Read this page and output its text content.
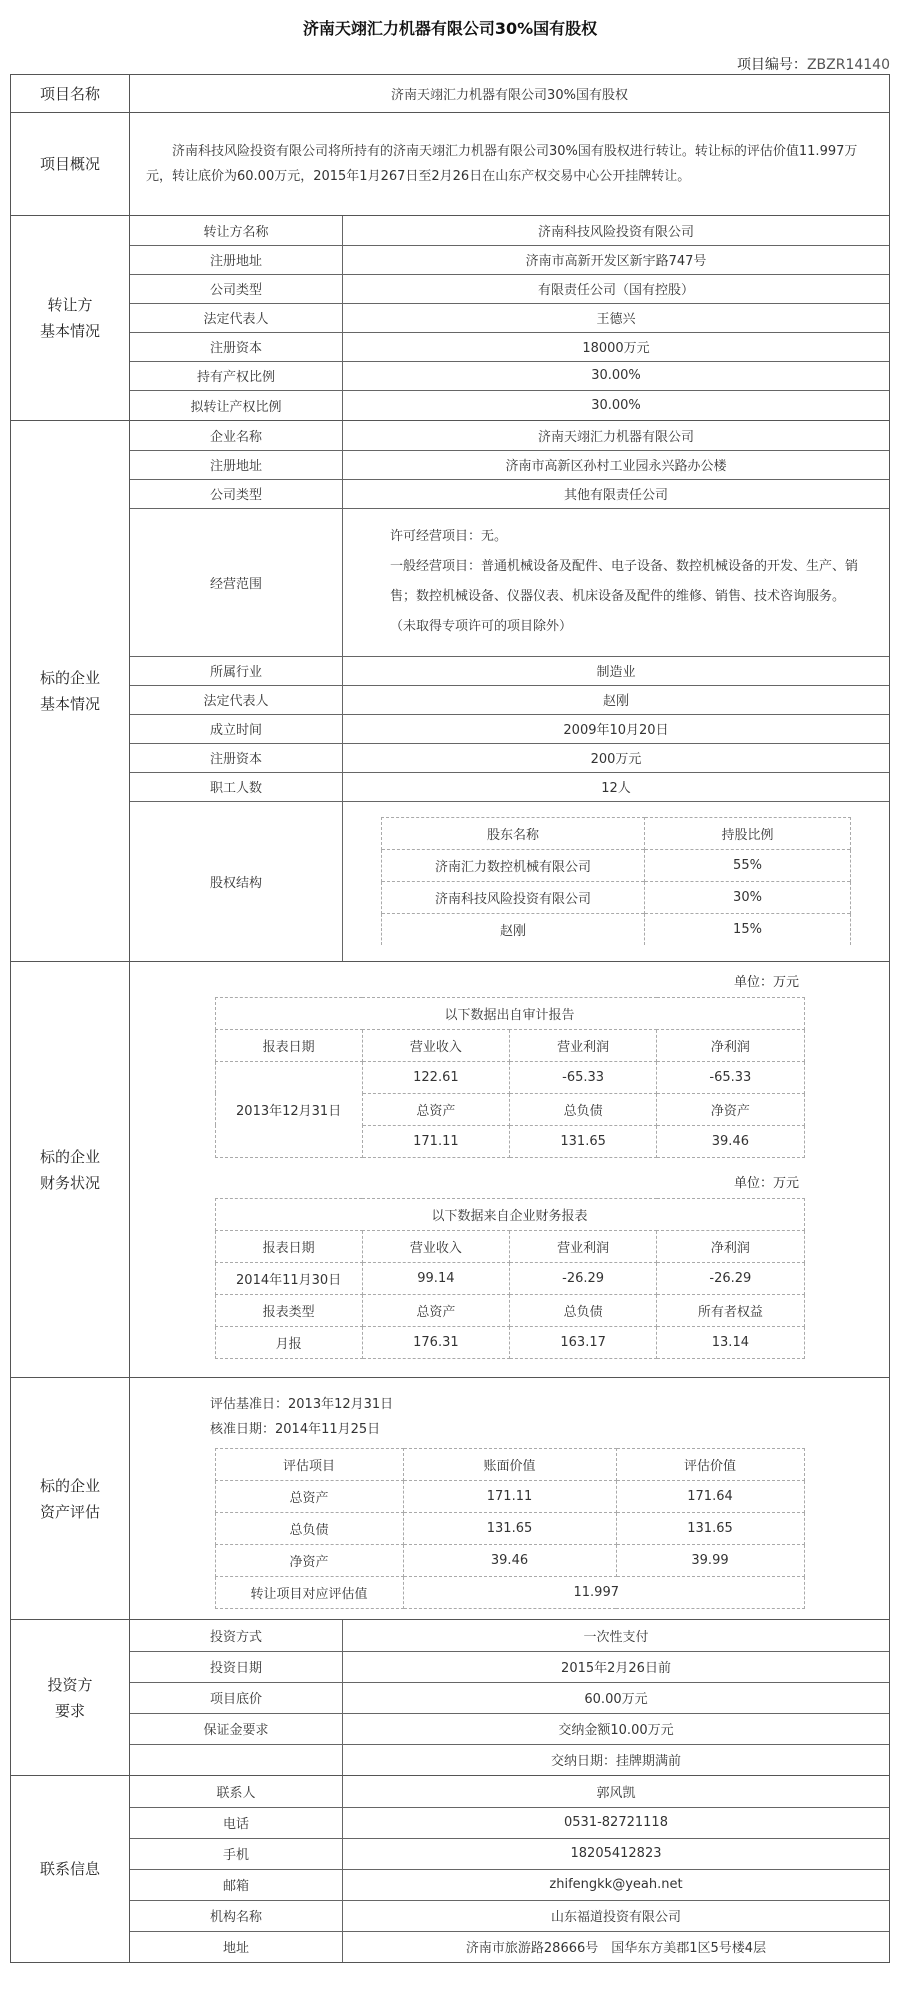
济南天翊汇力机器有限公司30%国有股权
项目编号：ZBZR14140
项目名称	济南天翊汇力机器有限公司30%国有股权
项目概况	
济南科技风险投资有限公司将所持有的济南天翊汇力机器有限公司30%国有股权进行转让。转让标的评估价值11.997万元，转让底价为60.00万元，2015年1月267日至2月26日在山东产权交易中心公开挂牌转让。

转让方
基本情况

转让方名称	济南科技风险投资有限公司
注册地址	济南市高新开发区新宇路747号
公司类型	有限责任公司（国有控股）
法定代表人	王德兴
注册资本	18000万元
持有产权比例	30.00%
拟转让产权比例	30.00%

标的企业
基本情况

企业名称	济南天翊汇力机器有限公司
注册地址	济南市高新区孙村工业园永兴路办公楼
公司类型	其他有限责任公司
经营范围	
许可经营项目：无。
一般经营项目：普通机械设备及配件、电子设备、数控机械设备的开发、生产、销售；数控机械设备、仪器仪表、机床设备及配件的维修、销售、技术咨询服务。
（未取得专项许可的项目除外）

所属行业	制造业
法定代表人	赵刚
成立时间	2009年10月20日
注册资本	200万元
职工人数	12人
股权结构	
股东名称	持股比例
济南汇力数控机械有限公司	55%
济南科技风险投资有限公司	30%
赵刚	15%

标的企业
财务状况

单位：万元
以下数据出自审计报告
报表日期	营业收入	营业利润	净利润
2013年12月31日	122.61	-65.33	-65.33
总资产	总负债	净资产
171.11	131.65	39.46
单位：万元
以下数据来自企业财务报表
报表日期	营业收入	营业利润	净利润
2014年11月30日	99.14	-26.29	-26.29
报表类型	总资产	总负债	所有者权益
月报	176.31	163.17	13.14

标的企业
资产评估

评估基准日：2013年12月31日
核准日期：2014年11月25日
评估项目	账面价值	评估价值
总资产	171.11	171.64
总负债	131.65	131.65
净资产	39.46	39.99
转让项目对应评估值	11.997

投资方
要求

投资方式	一次性支付
投资日期	2015年2月26日前
项目底价	60.00万元
保证金要求	交纳金额10.00万元
	交纳日期：挂牌期满前

联系信息	
联系人	郭风凯
电话	0531-82721118
手机	18205412823
邮箱	zhifengkk@yeah.net
机构名称	山东福道投资有限公司
地址	济南市旅游路28666号　国华东方美郡1区5号楼4层
